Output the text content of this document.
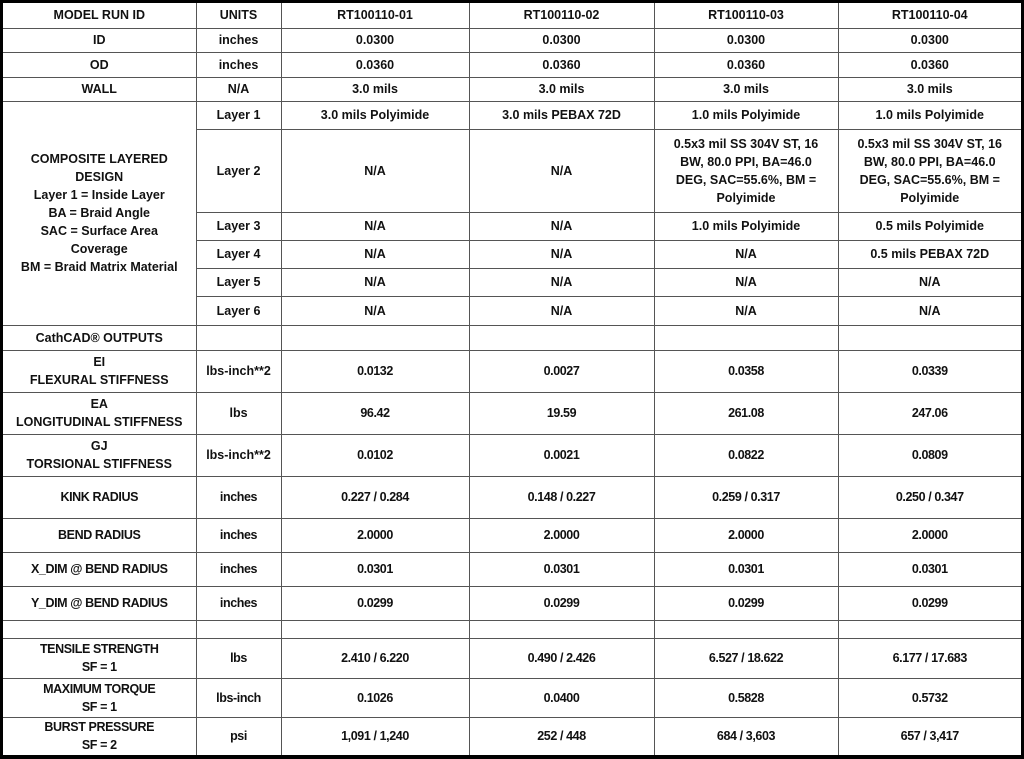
MODEL RUN ID	UNITS	RT100110-01	RT100110-02	RT100110-03	RT100110-04
ID	inches	0.0300	0.0300	0.0300	0.0300
OD	inches	0.0360	0.0360	0.0360	0.0360
WALL	N/A	3.0 mils	3.0 mils	3.0 mils	3.0 mils

COMPOSITE LAYERED
DESIGN
Layer 1 = Inside Layer
BA = Braid Angle
SAC = Surface Area
Coverage
BM = Braid Matrix Material
	Layer 1	3.0 mils Polyimide	3.0 mils PEBAX 72D	1.0 mils Polyimide	1.0 mils Polyimide
	Layer 2	N/A	N/A	0.5x3 mil SS 304V ST, 16 BW, 80.0 PPI, BA=46.0 DEG, SAC=55.6%, BM = Polyimide	0.5x3 mil SS 304V ST, 16 BW, 80.0 PPI, BA=46.0 DEG, SAC=55.6%, BM = Polyimide
	Layer 3	N/A	N/A	1.0 mils Polyimide	0.5 mils Polyimide
	Layer 4	N/A	N/A	N/A	0.5 mils PEBAX 72D
	Layer 5	N/A	N/A	N/A	N/A
	Layer 6	N/A	N/A	N/A	N/A
CathCAD® OUTPUTS					

EI
FLEXURAL STIFFNESS	lbs-inch**2	0.0132	0.0027	0.0358	0.0339

EA
LONGITUDINAL STIFFNESS	lbs	96.42	19.59	261.08	247.06

GJ
TORSIONAL STIFFNESS	lbs-inch**2	0.0102	0.0021	0.0822	0.0809
KINK RADIUS	inches	0.227 / 0.284	0.148 / 0.227	0.259 / 0.317	0.250 / 0.347
BEND RADIUS	inches	2.0000	2.0000	2.0000	2.0000
X_DIM @ BEND RADIUS	inches	0.0301	0.0301	0.0301	0.0301
Y_DIM @ BEND RADIUS	inches	0.0299	0.0299	0.0299	0.0299

TENSILE STRENGTH
SF = 1	lbs	2.410 / 6.220	0.490 / 2.426	6.527 / 18.622	6.177 / 17.683

MAXIMUM TORQUE
SF = 1	lbs-inch	0.1026	0.0400	0.5828	0.5732

BURST PRESSURE
SF = 2	psi	1,091 / 1,240	252 / 448	684 / 3,603	657 / 3,417
